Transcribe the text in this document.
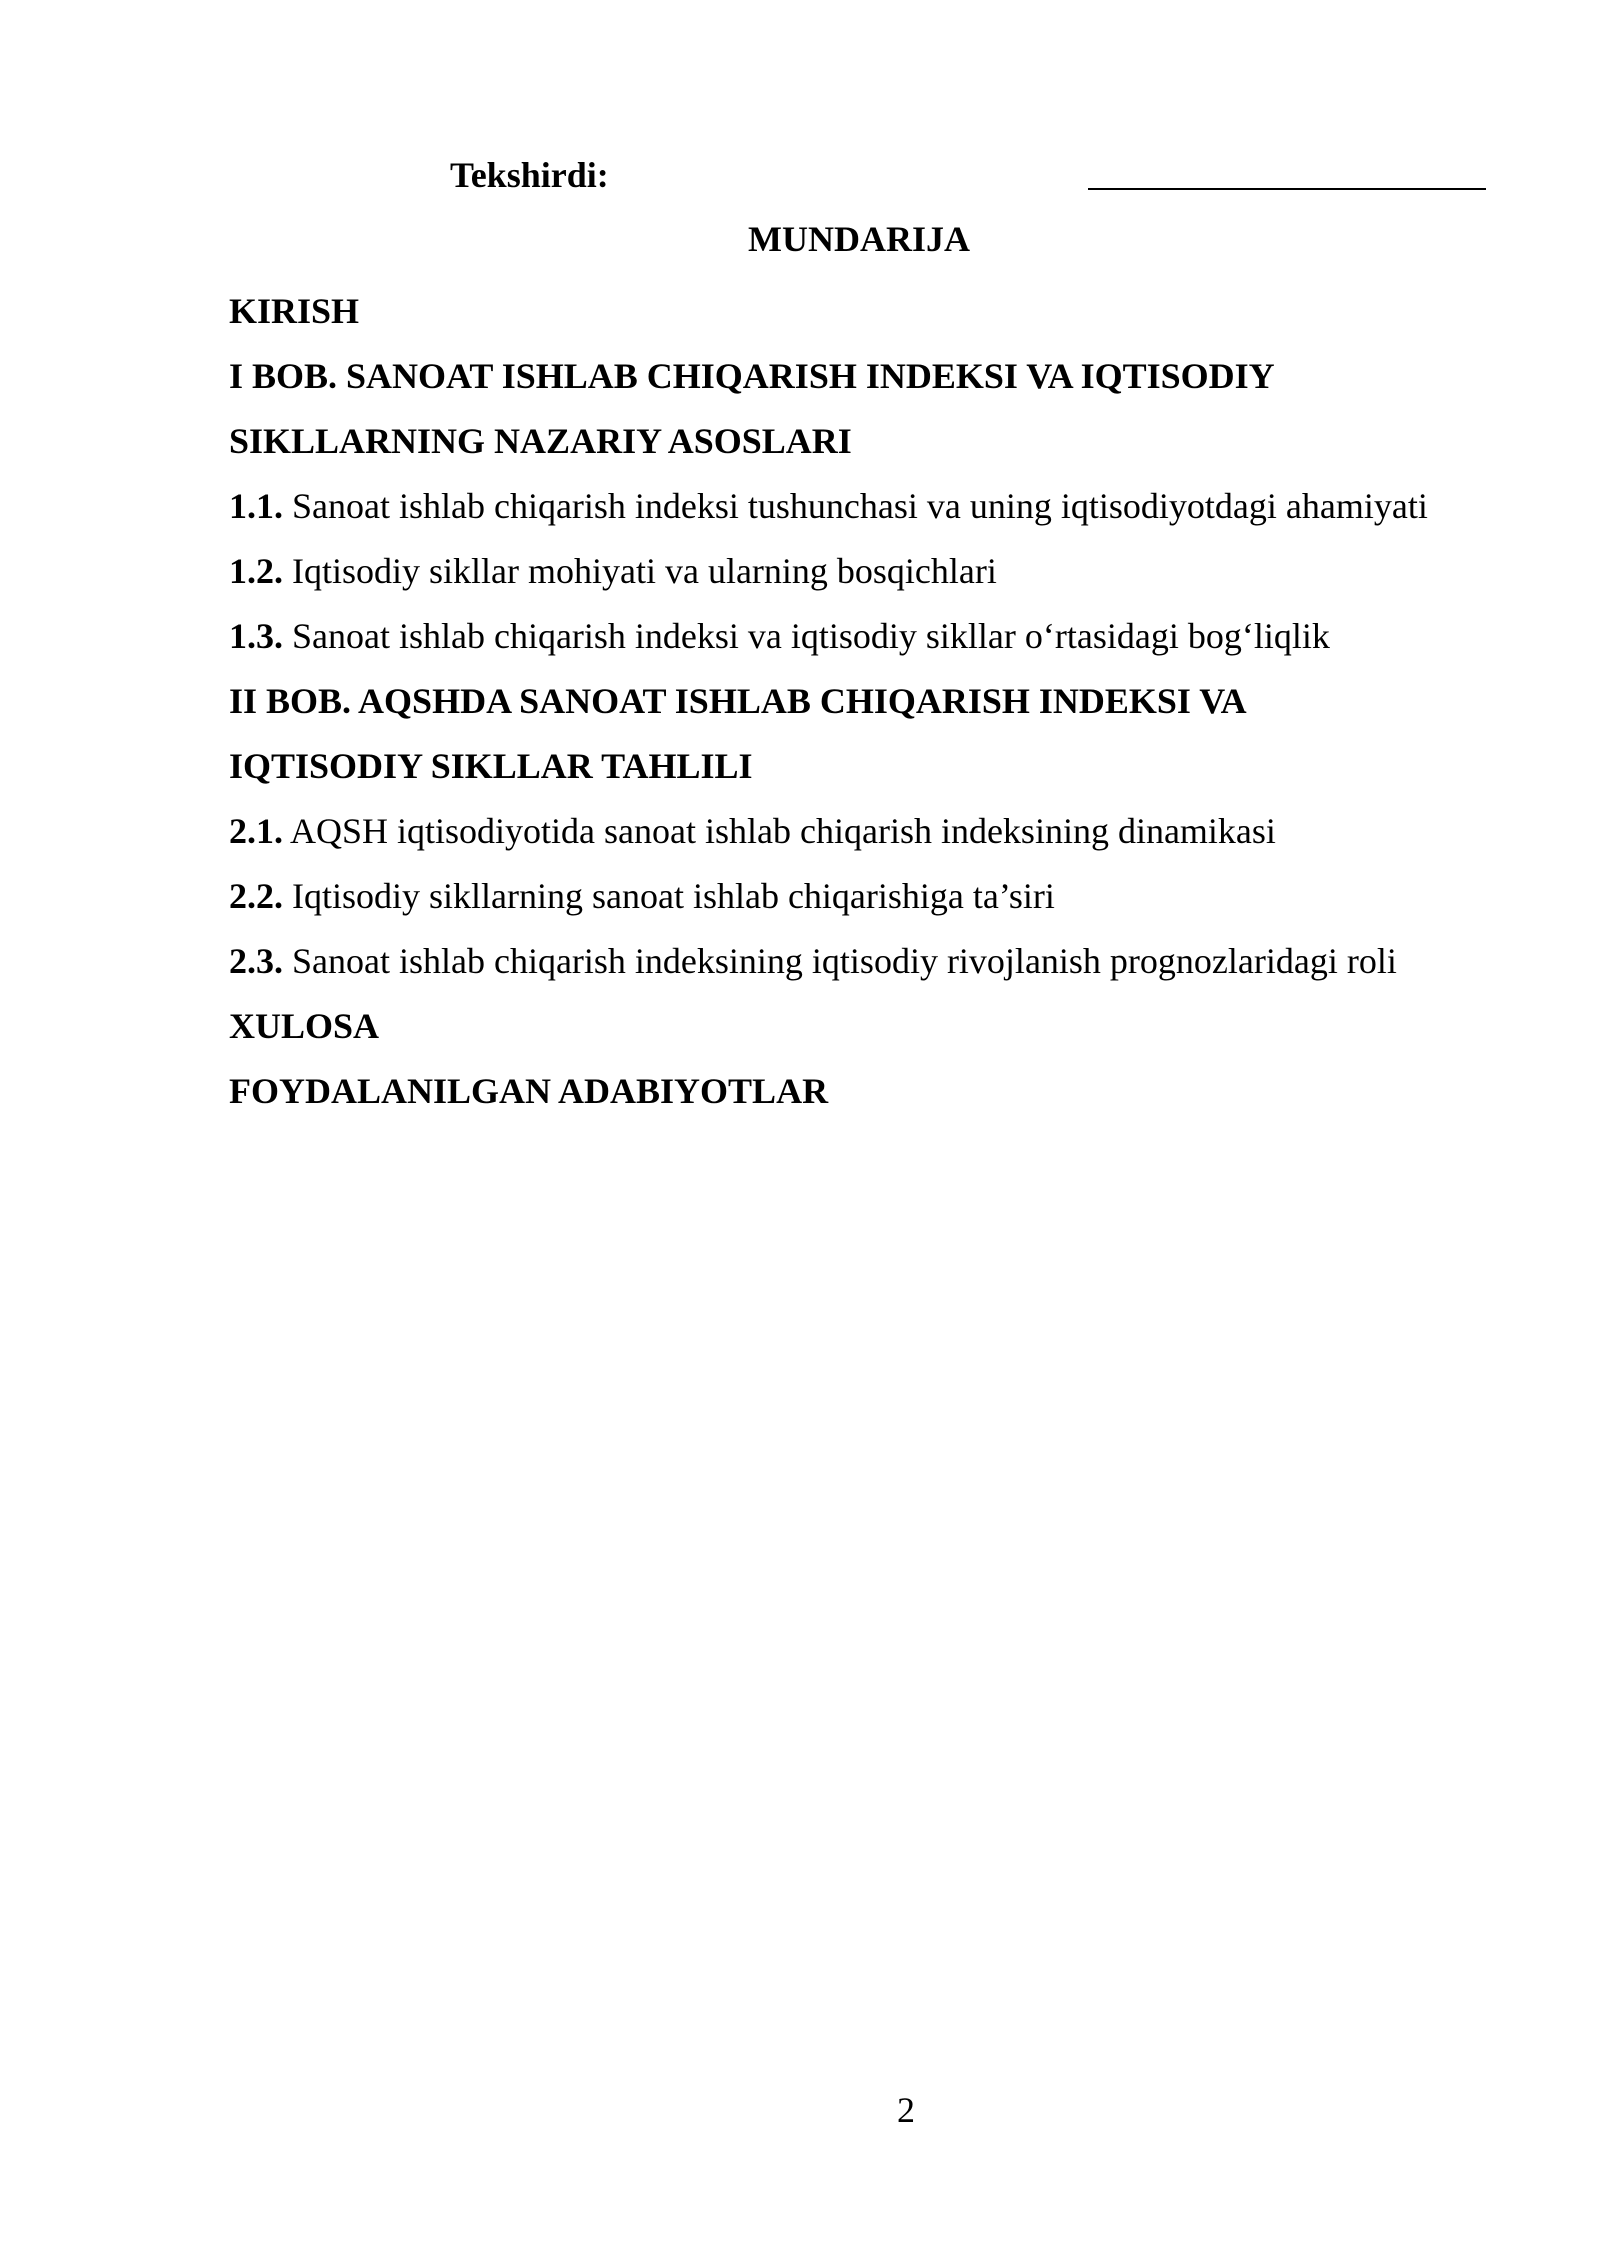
Tekshirdi:
MUNDARIJA
KIRISH
I BOB. SANOAT ISHLAB CHIQARISH INDEKSI VA IQTISODIY
SIKLLARNING NAZARIY ASOSLARI
1.1. Sanoat ishlab chiqarish indeksi tushunchasi va uning iqtisodiyotdagi ahamiyati
1.2. Iqtisodiy sikllar mohiyati va ularning bosqichlari
1.3. Sanoat ishlab chiqarish indeksi va iqtisodiy sikllar o‘rtasidagi bog‘liqlik
II BOB. AQSHDA SANOAT ISHLAB CHIQARISH INDEKSI VA
IQTISODIY SIKLLAR TAHLILI
2.1. AQSH iqtisodiyotida sanoat ishlab chiqarish indeksining dinamikasi
2.2. Iqtisodiy sikllarning sanoat ishlab chiqarishiga ta’siri
2.3. Sanoat ishlab chiqarish indeksining iqtisodiy rivojlanish prognozlaridagi roli
XULOSA
FOYDALANILGAN ADABIYOTLAR
2
